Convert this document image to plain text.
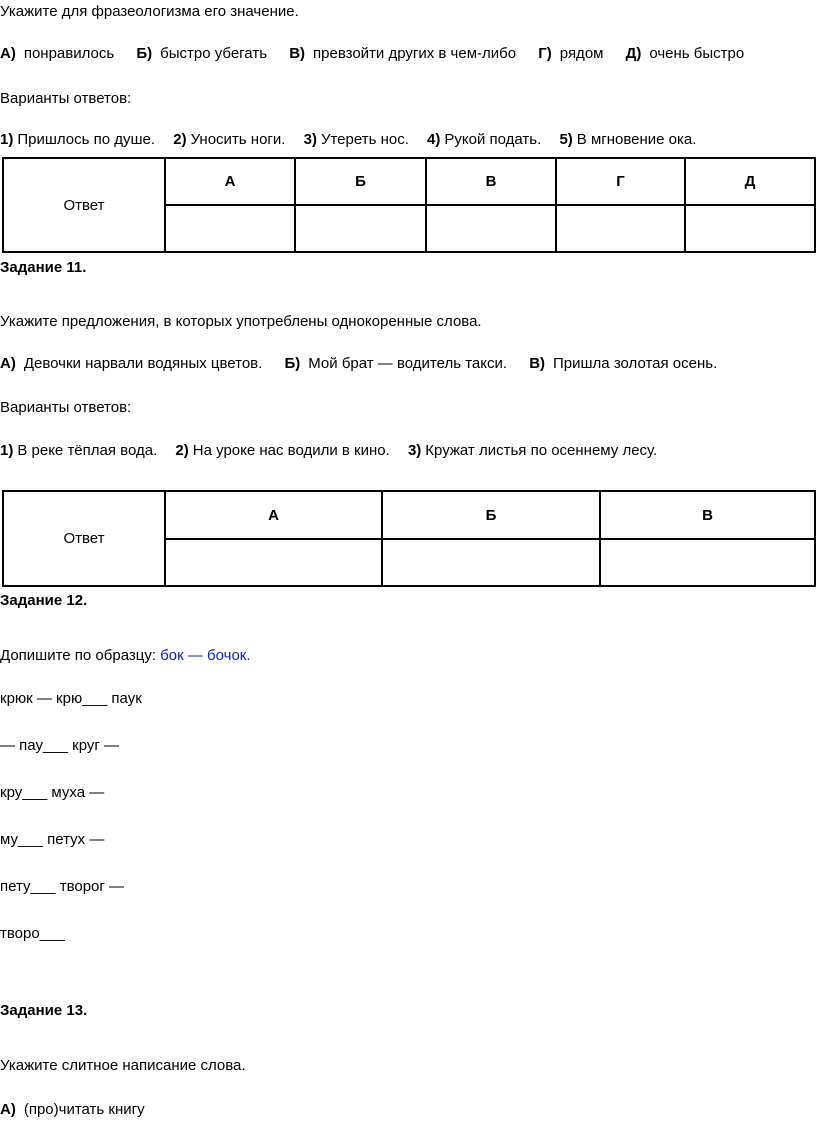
Укажите для фразеологизма его значение.
А) понравилось Б) быстро убегать В) превзойти других в чем-либо Г) рядом Д) очень быстро
Варианты ответов:
1) Пришлось по душе. 2) Уносить ноги. 3) Утереть нос. 4) Рукой подать. 5) В мгновение ока.
Ответ	А	Б	В	Г	Д

Задание 11.
Укажите предложения, в которых употреблены однокоренные слова.
А) Девочки нарвали водяных цветов. Б) Мой брат — водитель такси. В) Пришла золотая осень.
Варианты ответов:
1) В реке тёплая вода. 2) На уроке нас водили в кино. 3) Кружат листья по осеннему лесу.
Ответ	А	Б	В

Задание 12.
Допишите по образцу: бок — бочок.
крюк — крю___ паук
— пау___ круг —
кру___ муха —
му___ петух —
пету___ творог —
творо___
Задание 13.
Укажите слитное написание слова.
А) (про)читать книгу
